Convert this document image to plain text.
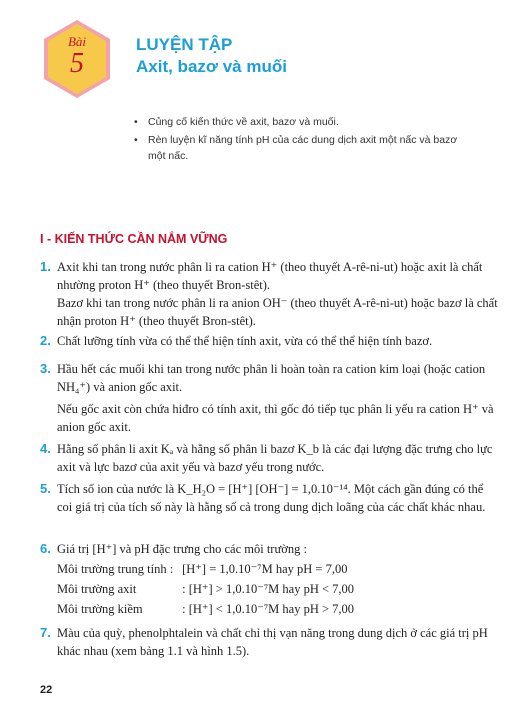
Bài
5
LUYỆN TẬP
Axit, bazơ và muối
• Củng cố kiến thức về axit, bazơ và muối.
• Rèn luyện kĩ năng tính pH của các dung dịch axit một nấc và bazơ một nấc.
I - KIẾN THỨC CẦN NẮM VỮNG
1. Axit khi tan trong nước phân li ra cation H⁺ (theo thuyết A-rê-ni-ut) hoặc axit là chất nhường proton H⁺ (theo thuyết Bron-stêt).
Bazơ khi tan trong nước phân li ra anion OH⁻ (theo thuyết A-rê-ni-ut) hoặc bazơ là chất nhận proton H⁺ (theo thuyết Bron-stêt).
2. Chất lưỡng tính vừa có thể thể hiện tính axit, vừa có thể thể hiện tính bazơ.
3. Hầu hết các muối khi tan trong nước phân li hoàn toàn ra cation kim loại (hoặc cation NH₄⁺) và anion gốc axit.
Nếu gốc axit còn chứa hiđro có tính axit, thì gốc đó tiếp tục phân li yếu ra cation H⁺ và anion gốc axit.
4. Hằng số phân li axit Kₐ và hằng số phân li bazơ K_b là các đại lượng đặc trưng cho lực axit và lực bazơ của axit yếu và bazơ yếu trong nước.
5. Tích số ion của nước là K_H₂O = [H⁺] [OH⁻] = 1,0.10⁻¹⁴. Một cách gần đúng có thể coi giá trị của tích số này là hằng số cả trong dung dịch loãng của các chất khác nhau.
6. Giá trị [H⁺] và pH đặc trưng cho các môi trường :
Môi trường trung tính : [H⁺] = 1,0.10⁻⁷M hay pH = 7,00
Môi trường axit	: [H⁺] > 1,0.10⁻⁷M hay pH < 7,00
Môi trường kiềm	: [H⁺] < 1,0.10⁻⁷M hay pH > 7,00
7. Màu của quỳ, phenolphtalein và chất chỉ thị vạn năng trong dung dịch ở các giá trị pH khác nhau (xem bảng 1.1 và hình 1.5).
22
